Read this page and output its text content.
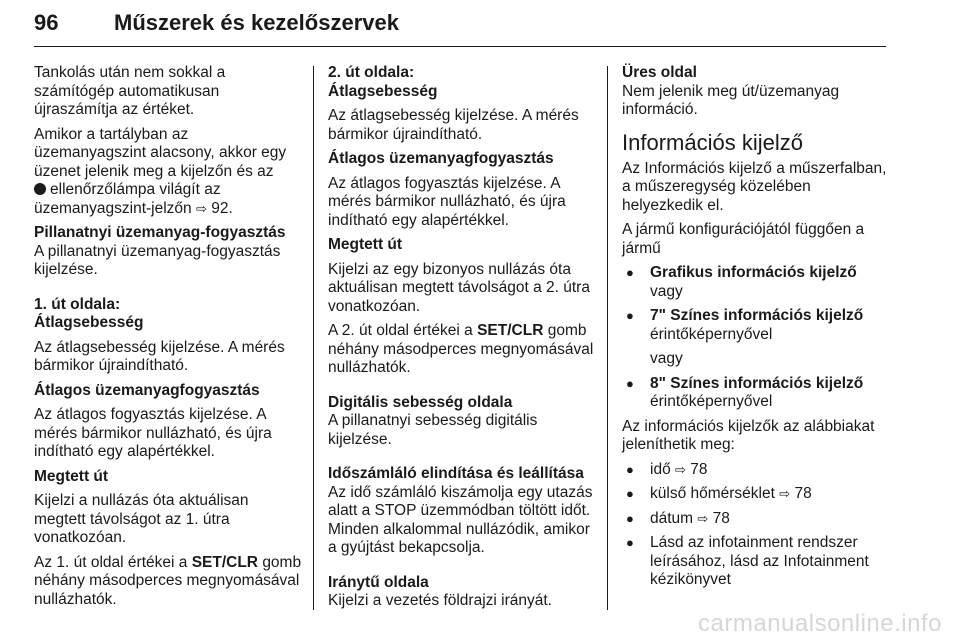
96	Műszerek és kezelőszervek

Tankolás után nem sokkal a számítógép automatikusan újraszámítja az értéket.

Amikor a tartályban az üzemanyagszint alacsony, akkor egy üzenet jelenik meg a kijelzőn és az
ellenőrzőlámpa világít az üzemanyagszint-jelzőn ⇨ 92.

Pillanatnyi üzemanyag-fogyasztás

A pillanatnyi üzemanyag-fogyasztás kijelzése.

1. út oldala:

Átlagsebesség

Az átlagsebesség kijelzése. A mérés bármikor újraindítható.

Átlagos üzemanyagfogyasztás

Az átlagos fogyasztás kijelzése. A mérés bármikor nullázható, és újra indítható egy alapértékkel.

Megtett út

Kijelzi a nullázás óta aktuálisan megtett távolságot az 1. útra vonatkozóan.

Az 1. út oldal értékei a SET/CLR gomb néhány másodperces megnyomásával nullázhatók.

2. út oldala:

Átlagsebesség

Az átlagsebesség kijelzése. A mérés bármikor újraindítható.

Átlagos üzemanyagfogyasztás

Az átlagos fogyasztás kijelzése. A mérés bármikor nullázható, és újra indítható egy alapértékkel.

Megtett út

Kijelzi az egy bizonyos nullázás óta aktuálisan megtett távolságot a 2. útra vonatkozóan.

A 2. út oldal értékei a SET/CLR gomb néhány másodperces megnyomásával nullázhatók.

Digitális sebesség oldala

A pillanatnyi sebesség digitális kijelzése.

Időszámláló elindítása és leállítása

Az idő számláló kiszámolja egy utazás alatt a STOP üzemmódban töltött időt. Minden alkalommal nullázódik, amikor a gyújtást bekapcsolja.

Iránytű oldala

Kijelzi a vezetés földrajzi irányát.

Üres oldal

Nem jelenik meg út/üzemanyag információ.

Információs kijelző

Az Információs kijelző a műszerfalban, a műszeregység közelében helyezkedik el.

A jármű konfigurációjától függően a jármű

● Grafikus információs kijelző
vagy
● 7" Színes információs kijelző
érintőképernyővel
vagy
● 8" Színes információs kijelző
érintőképernyővel

Az információs kijelzők az alábbiakat jeleníthetik meg:

● idő ⇨ 78
● külső hőmérséklet ⇨ 78
● dátum ⇨ 78
● Lásd az infotainment rendszer leírásához, lásd az Infotainment kézikönyvet
carmanualsonline.info
